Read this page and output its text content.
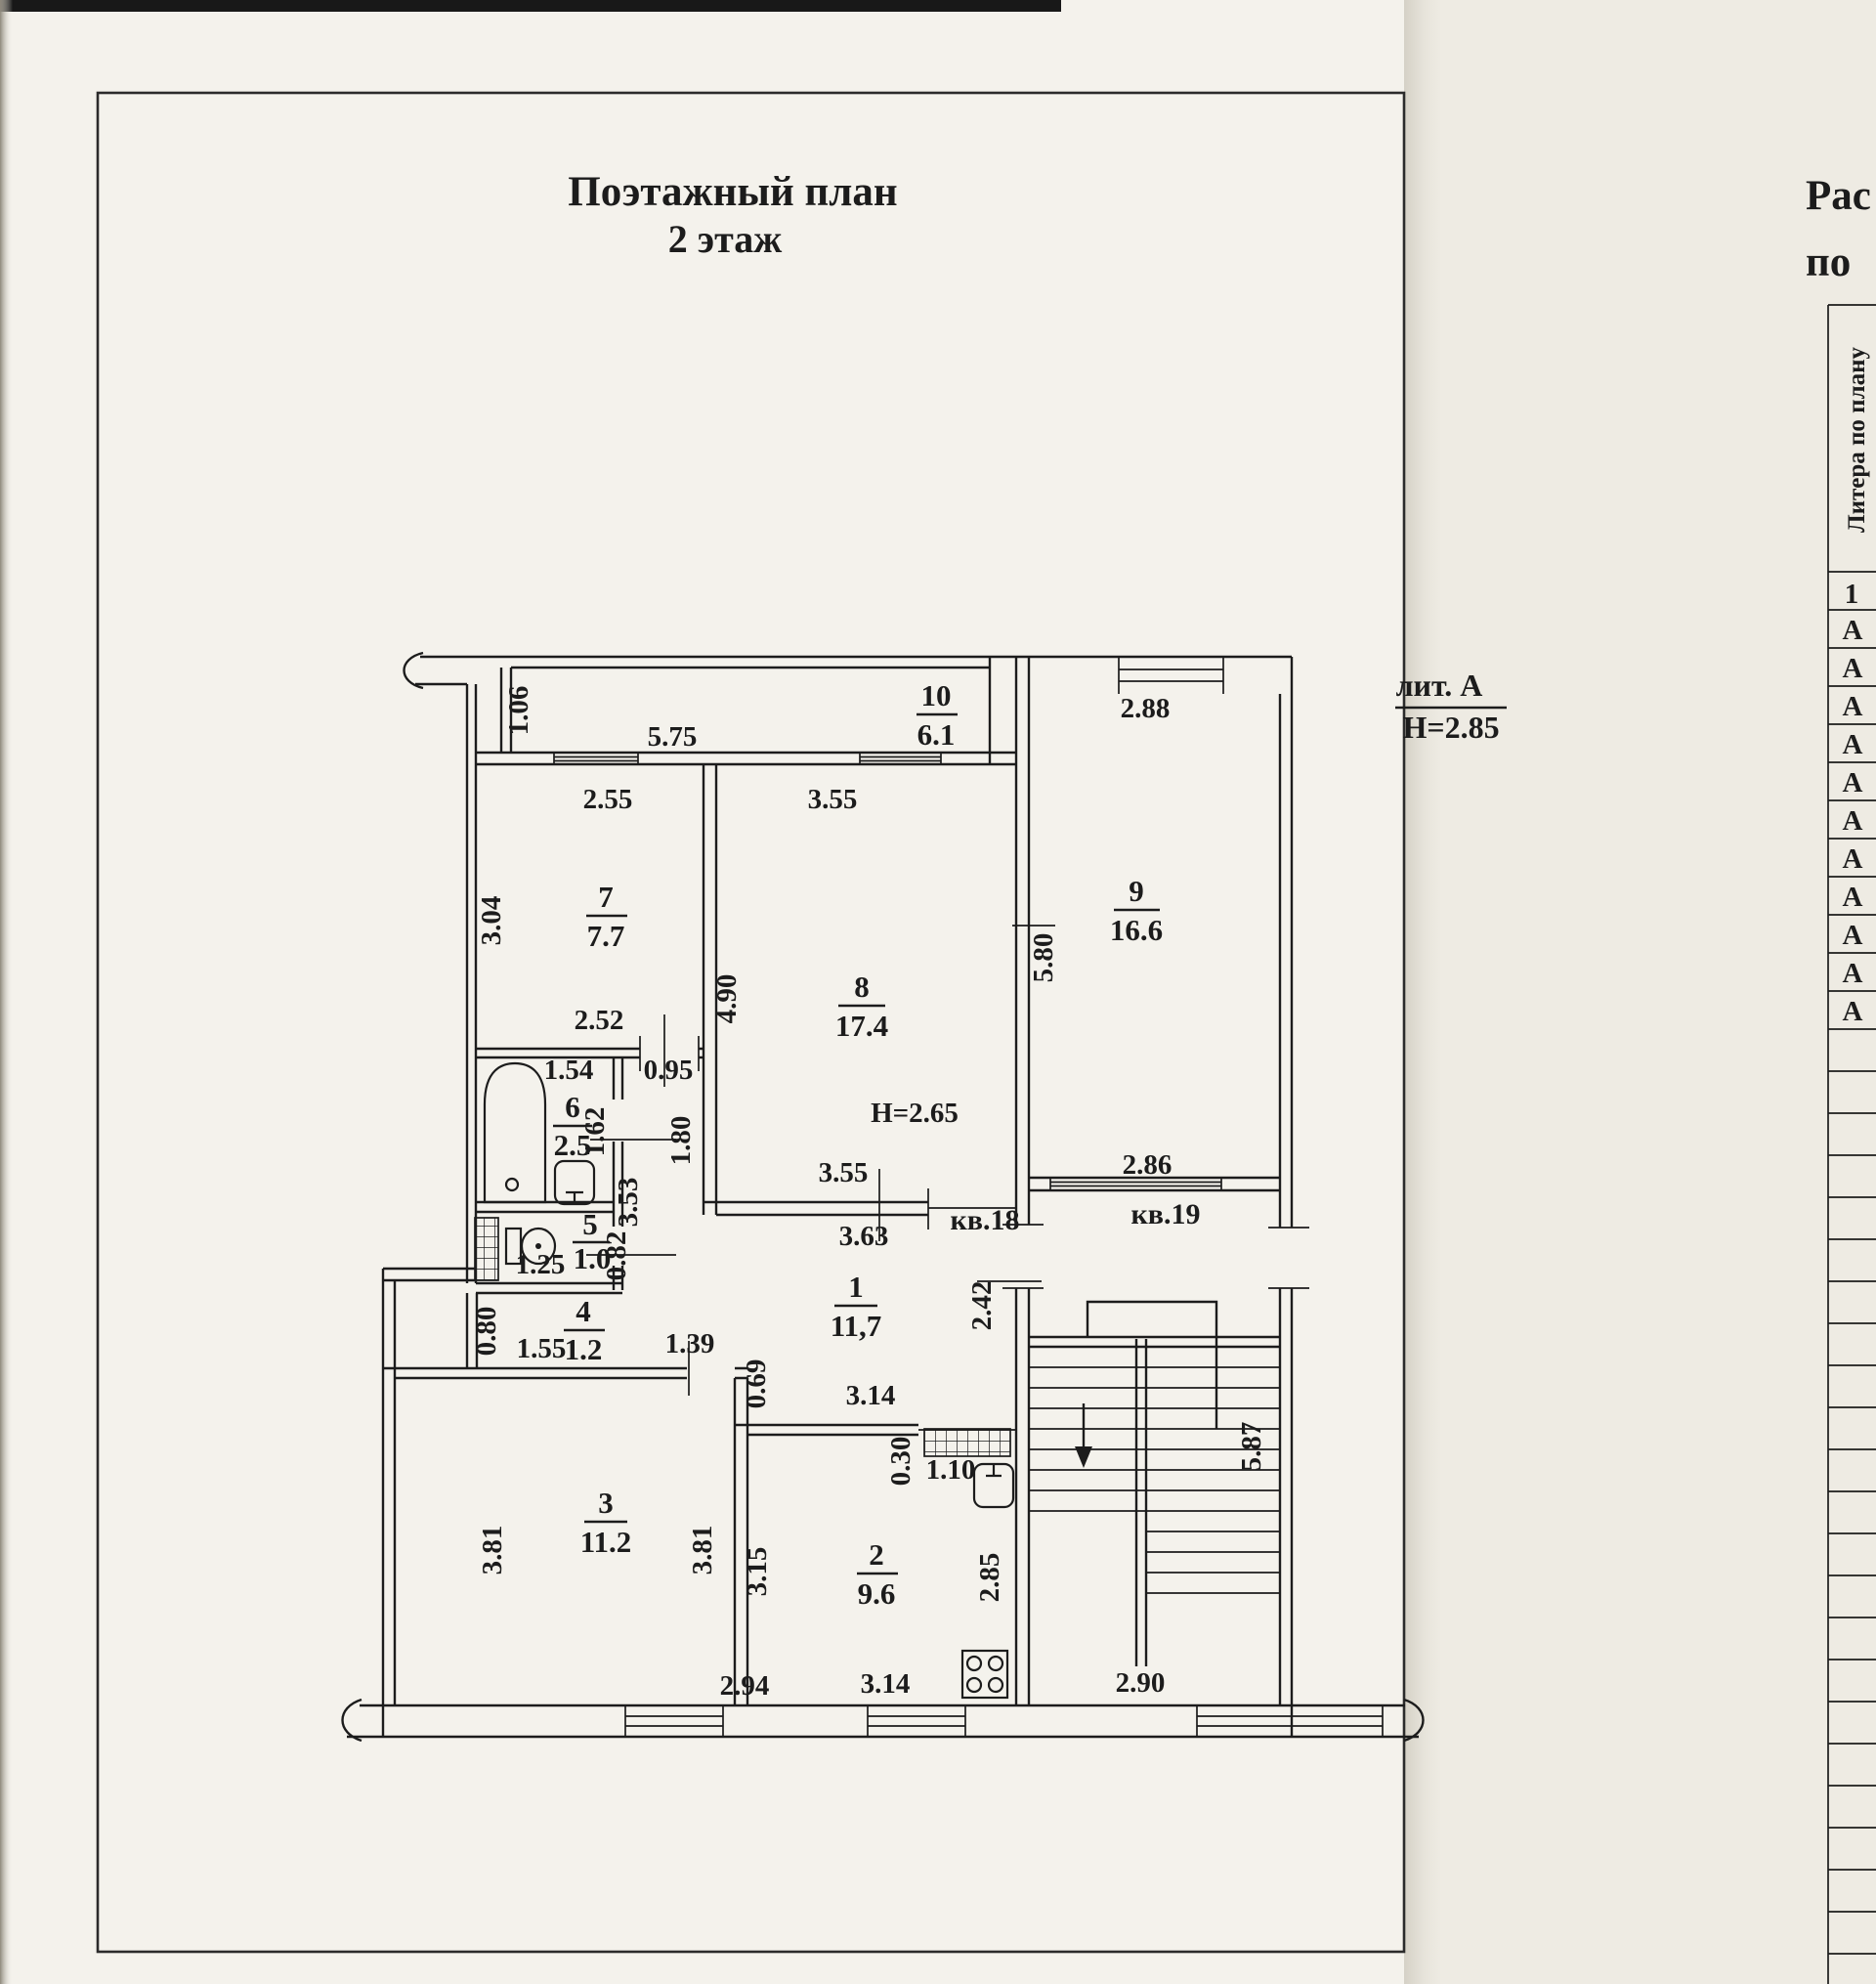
Поэтажный план
2 этаж
10
6.1
7
7.7
8
17.4
9
16.6
6
2.5
5
1.0
4
1.2
1
11,7
3
11.2	2
9.6
1.06
5.75
2.55	3.55
2.88
3.04
5.80
2.52
0.95
1.54
1.62 1.80
4.90
Н=2.65
3.53
0.82
1.25
0.80 1.55	1.39
0.69
3.55
3.63
2.86
2.42
3.14
0.30 1.10
3.15	2.85
3.81	3.81
5.87
2.94	3.14	2.90
кв.18	кв.19
лит. А
Н=2.85
Рас
по
Литера по плану
1
А
А
А
А
А
А
А
А
А
А
А
